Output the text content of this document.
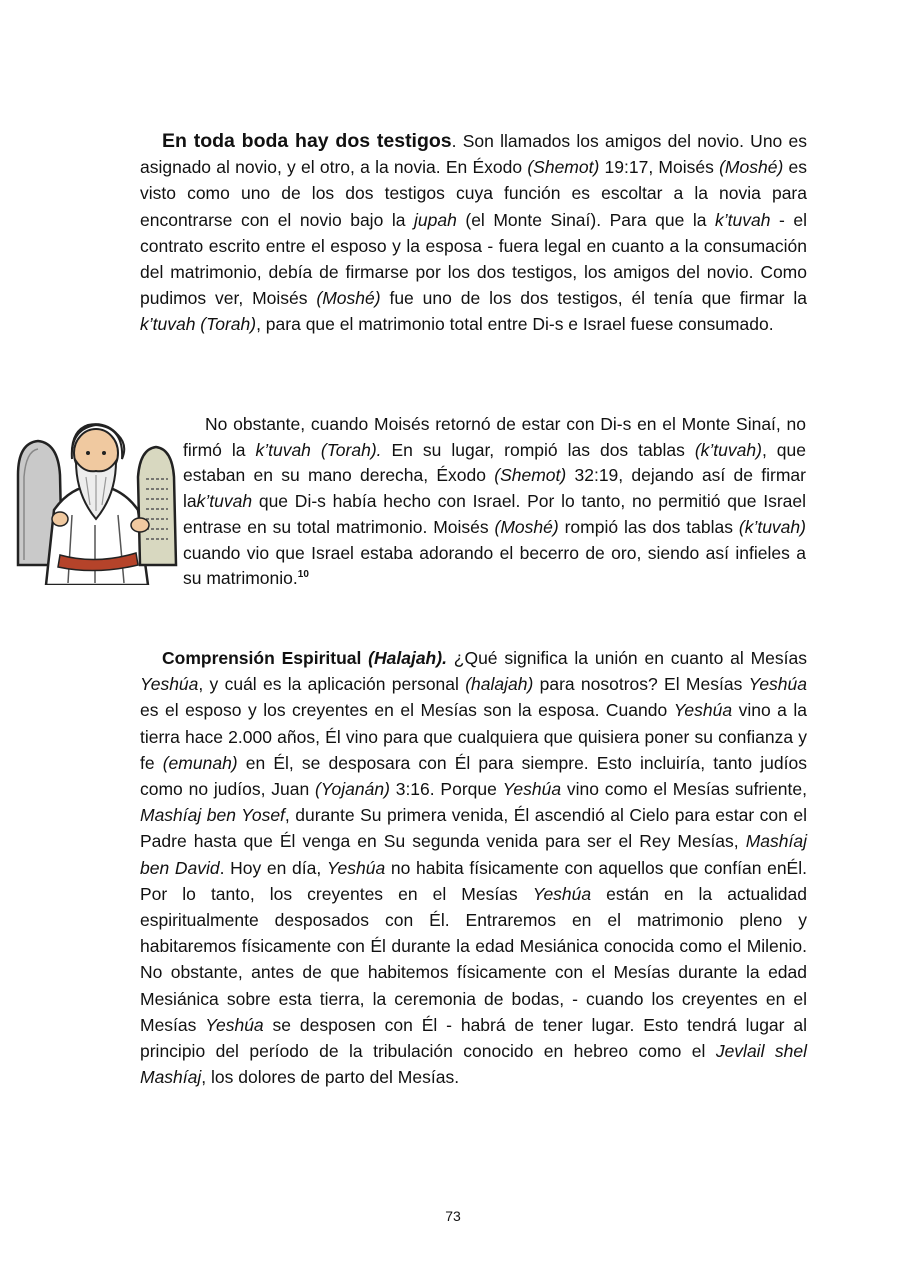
En toda boda hay dos testigos. Son llamados los amigos del novio. Uno es asignado al novio, y el otro, a la novia. En Éxodo (Shemot) 19:17, Moisés (Moshé) es visto como uno de los dos testigos cuya función es escoltar a la novia para encontrarse con el novio bajo la jupah (el Monte Sinaí). Para que la k’tuvah - el contrato escrito entre el esposo y la esposa - fuera legal en cuanto a la consumación del matrimonio, debía de firmarse por los dos testigos, los amigos del novio. Como pudimos ver, Moisés (Moshé) fue uno de los dos testigos, él tenía que firmar la k’tuvah (Torah), para que el matrimonio total entre Di-s e Israel fuese consumado.

No obstante, cuando Moisés retornó de estar con Di-s en el Monte Sinaí, no firmó la k’tuvah (Torah). En su lugar, rompió las dos tablas (k’tuvah), que estaban en su mano derecha, Éxodo (Shemot) 32:19, dejando así de firmar lak’tuvah que Di-s había hecho con Israel. Por lo tanto, no permitió que Israel entrase en su total matrimonio. Moisés (Moshé) rompió las dos tablas (k’tuvah) cuando vio que Israel estaba adorando el becerro de oro, siendo así infieles a su matrimonio.$^{10}$

Comprensión Espiritual (Halajah). ¿Qué significa la unión en cuanto al Mesías Yeshúa, y cuál es la aplicación personal (halajah) para nosotros? El Mesías Yeshúa es el esposo y los creyentes en el Mesías son la esposa. Cuando Yeshúa vino a la tierra hace 2.000 años, Él vino para que cualquiera que quisiera poner su confianza y fe (emunah) en Él, se desposara con Él para siempre. Esto incluiría, tanto judíos como no judíos, Juan (Yojanán) 3:16. Porque Yeshúa vino como el Mesías sufriente, Mashíaj ben Yosef, durante Su primera venida, Él ascendió al Cielo para estar con el Padre hasta que Él venga en Su segunda venida para ser el Rey Mesías, Mashíaj ben David. Hoy en día, Yeshúa no habita físicamente con aquellos que confían enÉl. Por lo tanto, los creyentes en el Mesías Yeshúa están en la actualidad espiritualmente desposados con Él. Entraremos en el matrimonio pleno y habitaremos físicamente con Él durante la edad Mesiánica conocida como el Milenio. No obstante, antes de que habitemos físicamente con el Mesías durante la edad Mesiánica sobre esta tierra, la ceremonia de bodas, - cuando los creyentes en el Mesías Yeshúa se desposen con Él - habrá de tener lugar. Esto tendrá lugar al principio del período de la tribulación conocido en hebreo como el Jevlail shel Mashíaj, los dolores de parto del Mesías.

73
